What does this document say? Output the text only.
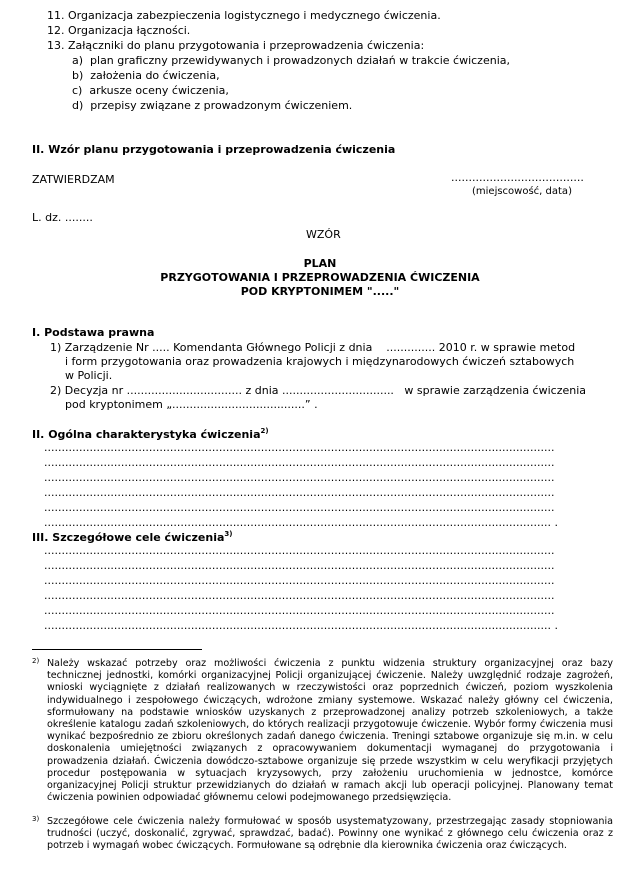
11. Organizacja zabezpieczenia logistycznego i medycznego ćwiczenia.
12. Organizacja łączności.
13. Załączniki do planu przygotowania i przeprowadzenia ćwiczenia:
a)  plan graficzny przewidywanych i prowadzonych działań w trakcie ćwiczenia,
b)  założenia do ćwiczenia,
c)  arkusze oceny ćwiczenia,
d)  przepisy związane z prowadzonym ćwiczeniem.
II. Wzór planu przygotowania i przeprowadzenia ćwiczenia
ZATWIERDZAM	......................................
(miejscowość, data)
L. dz. ........
WZÓR
PLAN
PRZYGOTOWANIA I PRZEPROWADZENIA ĆWICZENIA
POD KRYPTONIMEM "....."
I. Podstawa prawna
1) Zarządzenie Nr ..... Komendanta Głównego Policji z dnia    .............. 2010 r. w sprawie metod
i form przygotowania oraz prowadzenia krajowych i międzynarodowych ćwiczeń sztabowych
w Policji.
2) Decyzja nr ................................. z dnia ................................   w sprawie zarządzenia ćwiczenia
pod kryptonimem „......................................” .
II. Ogólna charakterystyka ćwiczenia$^{2)}$
..................................................................................................................................................
..................................................................................................................................................
..................................................................................................................................................
..................................................................................................................................................
..................................................................................................................................................
................................................................................................................................................. .
III. Szczegółowe cele ćwiczenia$^{3)}$
..................................................................................................................................................
..................................................................................................................................................
..................................................................................................................................................
..................................................................................................................................................
..................................................................................................................................................
................................................................................................................................................. .
2) Należy wskazać potrzeby oraz możliwości ćwiczenia z punktu widzenia struktury organizacyjnej oraz bazy technicznej jednostki, komórki organizacyjnej Policji organizującej ćwiczenie. Należy uwzględnić rodzaje zagrożeń, wnioski wyciągnięte z działań realizowanych w rzeczywistości oraz poprzednich ćwiczeń, poziom wyszkolenia indywidualnego i zespołowego ćwiczących, wdrożone zmiany systemowe. Wskazać należy główny cel ćwiczenia, sformułowany na podstawie wniosków uzyskanych z przeprowadzonej analizy potrzeb szkoleniowych, a także określenie katalogu zadań szkoleniowych, do których realizacji przygotowuje ćwiczenie. Wybór formy ćwiczenia musi wynikać bezpośrednio ze zbioru określonych zadań danego ćwiczenia. Treningi sztabowe organizuje się m.in. w celu doskonalenia umiejętności związanych z opracowywaniem dokumentacji wymaganej do przygotowania i prowadzenia działań. Ćwiczenia dowódczo-sztabowe organizuje się przede wszystkim w celu weryfikacji przyjętych procedur postępowania w sytuacjach kryzysowych, przy założeniu uruchomienia w jednostce, komórce organizacyjnej Policji struktur przewidzianych do działań w ramach akcji lub operacji policyjnej. Planowany temat ćwiczenia powinien odpowiadać głównemu celowi podejmowanego przedsięwzięcia.
3) Szczegółowe cele ćwiczenia należy formułować w sposób usystematyzowany, przestrzegając zasady stopniowania trudności (uczyć, doskonalić, zgrywać, sprawdzać, badać). Powinny one wynikać z głównego celu ćwiczenia oraz z potrzeb i wymagań wobec ćwiczących. Formułowane są odrębnie dla kierownika ćwiczenia oraz ćwiczących.
